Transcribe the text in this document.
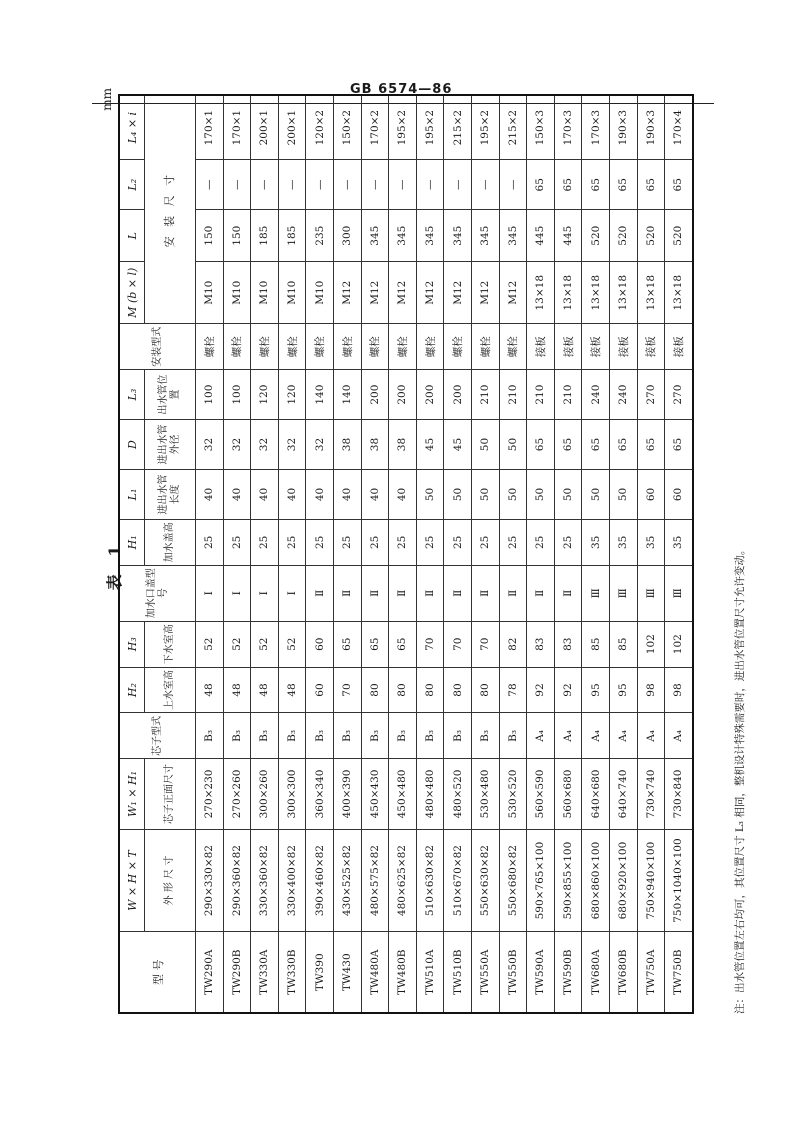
GB 6574—86
表 1
mm
型 号	W × H × T	W₁ × H₁	芯子型式	H₂	H₃	加水口盖型号	H₁	L₁	D	L₃	安装型式	M (b × l)	L	L₂	L₄ × i
	外 形 尺 寸	芯子正面尺寸		上水室高	下水室高		加水盖高	进出水管长度	进出水管外径	出水管位置		安 装 尺 寸			
TW290A	290×330×82	270×230	B₃	48	52	Ⅰ	25	40	32	100	螺栓	M10	150	—	170×1
TW290B	290×360×82	270×260	B₃	48	52	Ⅰ	25	40	32	100	螺栓	M10	150	—	170×1
TW330A	330×360×82	300×260	B₃	48	52	Ⅰ	25	40	32	120	螺栓	M10	185	—	200×1
TW330B	330×400×82	300×300	B₃	48	52	Ⅰ	25	40	32	120	螺栓	M10	185	—	200×1
TW390	390×460×82	360×340	B₃	60	60	Ⅱ	25	40	32	140	螺栓	M10	235	—	120×2
TW430	430×525×82	400×390	B₃	70	65	Ⅱ	25	40	38	140	螺栓	M12	300	—	150×2
TW480A	480×575×82	450×430	B₃	80	65	Ⅱ	25	40	38	200	螺栓	M12	345	—	170×2
TW480B	480×625×82	450×480	B₃	80	65	Ⅱ	25	40	38	200	螺栓	M12	345	—	195×2
TW510A	510×630×82	480×480	B₃	80	70	Ⅱ	25	50	45	200	螺栓	M12	345	—	195×2
TW510B	510×670×82	480×520	B₃	80	70	Ⅱ	25	50	45	200	螺栓	M12	345	—	215×2
TW550A	550×630×82	530×480	B₃	80	70	Ⅱ	25	50	50	210	螺栓	M12	345	—	195×2
TW550B	550×680×82	530×520	B₃	78	82	Ⅱ	25	50	50	210	螺栓	M12	345	—	215×2
TW590A	590×765×100	560×590	A₄	92	83	Ⅱ	25	50	65	210	接板	13×18	445	65	150×3
TW590B	590×855×100	560×680	A₄	92	83	Ⅱ	25	50	65	210	接板	13×18	445	65	170×3
TW680A	680×860×100	640×680	A₄	95	85	Ⅲ	35	50	65	240	接板	13×18	520	65	170×3
TW680B	680×920×100	640×740	A₄	95	85	Ⅲ	35	50	65	240	接板	13×18	520	65	190×3
TW750A	750×940×100	730×740	A₄	98	102	Ⅲ	35	60	65	270	接板	13×18	520	65	190×3
TW750B	750×1040×100	730×840	A₄	98	102	Ⅲ	35	60	65	270	接板	13×18	520	65	170×4
注：出水管位置左右均可，其位置尺寸 L₃ 相同，整机设计特殊需要时，进出水管位置尺寸允许变动。
